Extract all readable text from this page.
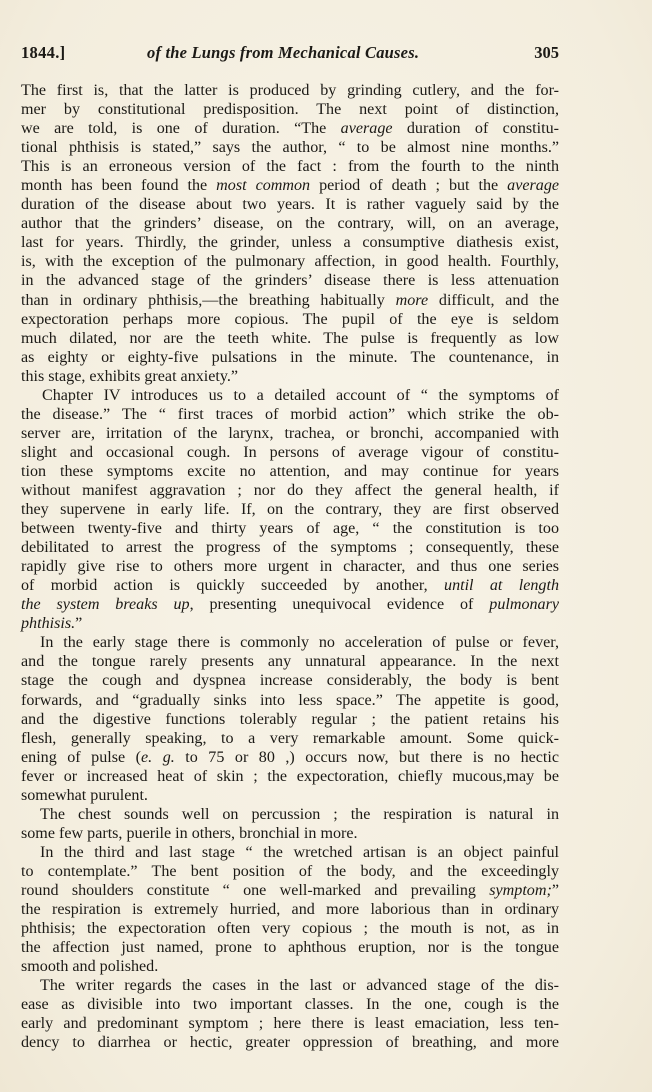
1844.]	of the Lungs from Mechanical Causes.	305
The first is, that the latter is produced by grinding cutlery, and the for-
mer by constitutional predisposition. The next point of distinction,
we are told, is one of duration. “The average duration of constitu-
tional phthisis is stated,” says the author, “ to be almost nine months.”
This is an erroneous version of the fact : from the fourth to the ninth
month has been found the most common period of death ; but the average
duration of the disease about two years. It is rather vaguely said by the
author that the grinders’ disease, on the contrary, will, on an average,
last for years. Thirdly, the grinder, unless a consumptive diathesis exist,
is, with the exception of the pulmonary affection, in good health. Fourthly,
in the advanced stage of the grinders’ disease there is less attenuation
than in ordinary phthisis,—the breathing habitually more difficult, and the
expectoration perhaps more copious. The pupil of the eye is seldom
much dilated, nor are the teeth white. The pulse is frequently as low
as eighty or eighty-five pulsations in the minute. The countenance, in
this stage, exhibits great anxiety.”
Chapter IV introduces us to a detailed account of “ the symptoms of
the disease.” The “ first traces of morbid action” which strike the ob-
server are, irritation of the larynx, trachea, or bronchi, accompanied with
slight and occasional cough. In persons of average vigour of constitu-
tion these symptoms excite no attention, and may continue for years
without manifest aggravation ; nor do they affect the general health, if
they supervene in early life. If, on the contrary, they are first observed
between twenty-five and thirty years of age, “ the constitution is too
debilitated to arrest the progress of the symptoms ; consequently, these
rapidly give rise to others more urgent in character, and thus one series
of morbid action is quickly succeeded by another, until at length
the system breaks up, presenting unequivocal evidence of pulmonary
phthisis.”
In the early stage there is commonly no acceleration of pulse or fever,
and the tongue rarely presents any unnatural appearance. In the next
stage the cough and dyspnea increase considerably, the body is bent
forwards, and “gradually sinks into less space.” The appetite is good,
and the digestive functions tolerably regular ; the patient retains his
flesh, generally speaking, to a very remarkable amount. Some quick-
ening of pulse (e. g. to 75 or 80 ,) occurs now, but there is no hectic
fever or increased heat of skin ; the expectoration, chiefly mucous,may be
somewhat purulent.
The chest sounds well on percussion ; the respiration is natural in
some few parts, puerile in others, bronchial in more.
In the third and last stage “ the wretched artisan is an object painful
to contemplate.” The bent position of the body, and the exceedingly
round shoulders constitute “ one well-marked and prevailing symptom;”
the respiration is extremely hurried, and more laborious than in ordinary
phthisis; the expectoration often very copious ; the mouth is not, as in
the affection just named, prone to aphthous eruption, nor is the tongue
smooth and polished.
The writer regards the cases in the last or advanced stage of the dis-
ease as divisible into two important classes. In the one, cough is the
early and predominant symptom ; here there is least emaciation, less ten-
dency to diarrhea or hectic, greater oppression of breathing, and more
